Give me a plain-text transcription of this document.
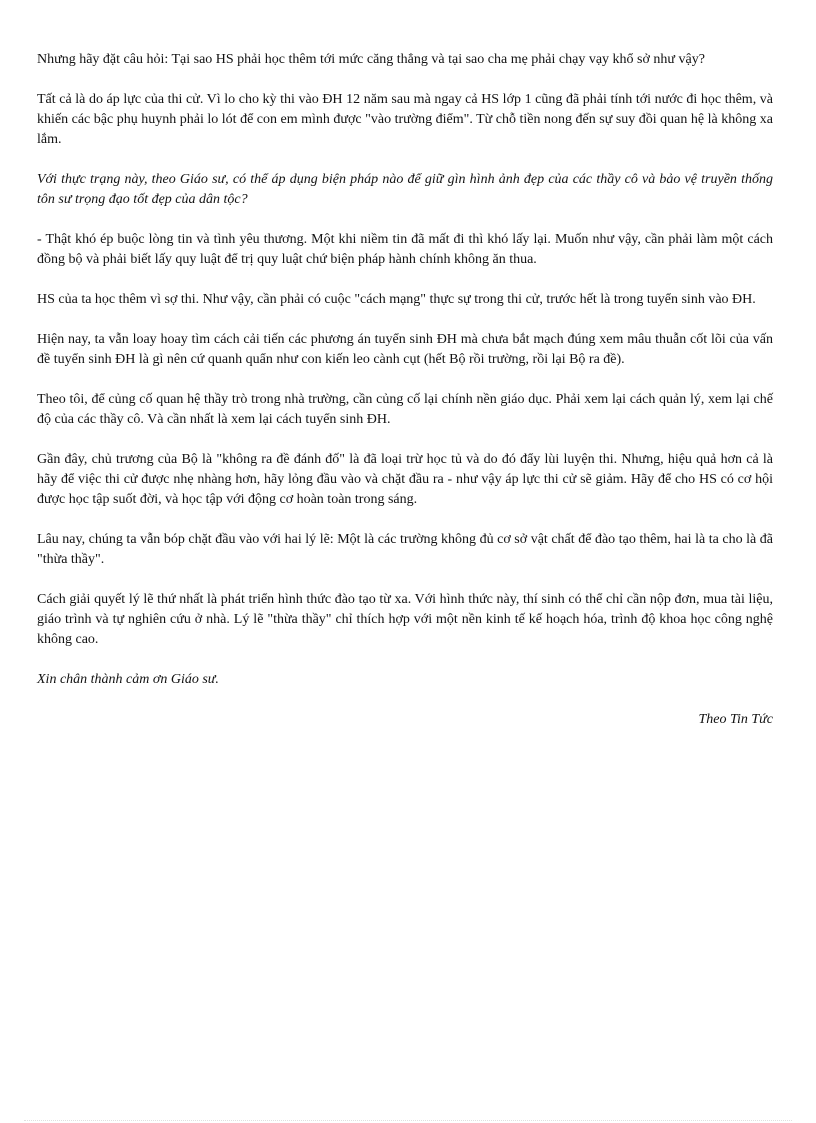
Nhưng hãy đặt câu hỏi: Tại sao HS phải học thêm tới mức căng thẳng và tại sao cha mẹ phải chạy vạy khổ sở như vậy?

Tất cả là do áp lực của thi cử. Vì lo cho kỳ thi vào ĐH 12 năm sau mà ngay cả HS lớp 1 cũng đã phải tính tới nước đi học thêm, và khiến các bậc phụ huynh phải lo lót để con em mình được "vào trường điểm". Từ chỗ tiền nong đến sự suy đồi quan hệ là không xa lắm.

Với thực trạng này, theo Giáo sư, có thể áp dụng biện pháp nào để giữ gìn hình ảnh đẹp của các thầy cô và bảo vệ truyền thống tôn sư trọng đạo tốt đẹp của dân tộc?

- Thật khó ép buộc lòng tin và tình yêu thương. Một khi niềm tin đã mất đi thì khó lấy lại. Muốn như vậy, cần phải làm một cách đồng bộ và phải biết lấy quy luật để trị quy luật chứ biện pháp hành chính không ăn thua.

HS của ta học thêm vì sợ thi. Như vậy, cần phải có cuộc "cách mạng" thực sự trong thi cử, trước hết là trong tuyển sinh vào ĐH.

Hiện nay, ta vẫn loay hoay tìm cách cải tiến các phương án tuyển sinh ĐH mà chưa bắt mạch đúng xem mâu thuẫn cốt lõi của vấn đề tuyển sinh ĐH là gì nên cứ quanh quẩn như con kiến leo cành cụt (hết Bộ rồi trường, rồi lại Bộ ra đề).

Theo tôi, để củng cố quan hệ thầy trò trong nhà trường, cần củng cố lại chính nền giáo dục. Phải xem lại cách quản lý, xem lại chế độ của các thầy cô. Và cần nhất là xem lại cách tuyển sinh ĐH.

Gần đây, chủ trương của Bộ là "không ra đề đánh đố" là đã loại trừ học tủ và do đó đẩy lùi luyện thi. Nhưng, hiệu quả hơn cả là hãy để việc thi cử được nhẹ nhàng hơn, hãy lỏng đầu vào và chặt đầu ra - như vậy áp lực thi cử sẽ giảm. Hãy để cho HS có cơ hội được học tập suốt đời, và học tập với động cơ hoàn toàn trong sáng.

Lâu nay, chúng ta vẫn bóp chặt đầu vào với hai lý lẽ: Một là các trường không đủ cơ sở vật chất để đào tạo thêm, hai là ta cho là đã "thừa thầy".

Cách giải quyết lý lẽ thứ nhất là phát triển hình thức đào tạo từ xa. Với hình thức này, thí sinh có thể chỉ cần nộp đơn, mua tài liệu, giáo trình và tự nghiên cứu ở nhà. Lý lẽ "thừa thầy" chỉ thích hợp với một nền kinh tế kế hoạch hóa, trình độ khoa học công nghệ không cao.

Xin chân thành cảm ơn Giáo sư.

Theo Tin Tức
